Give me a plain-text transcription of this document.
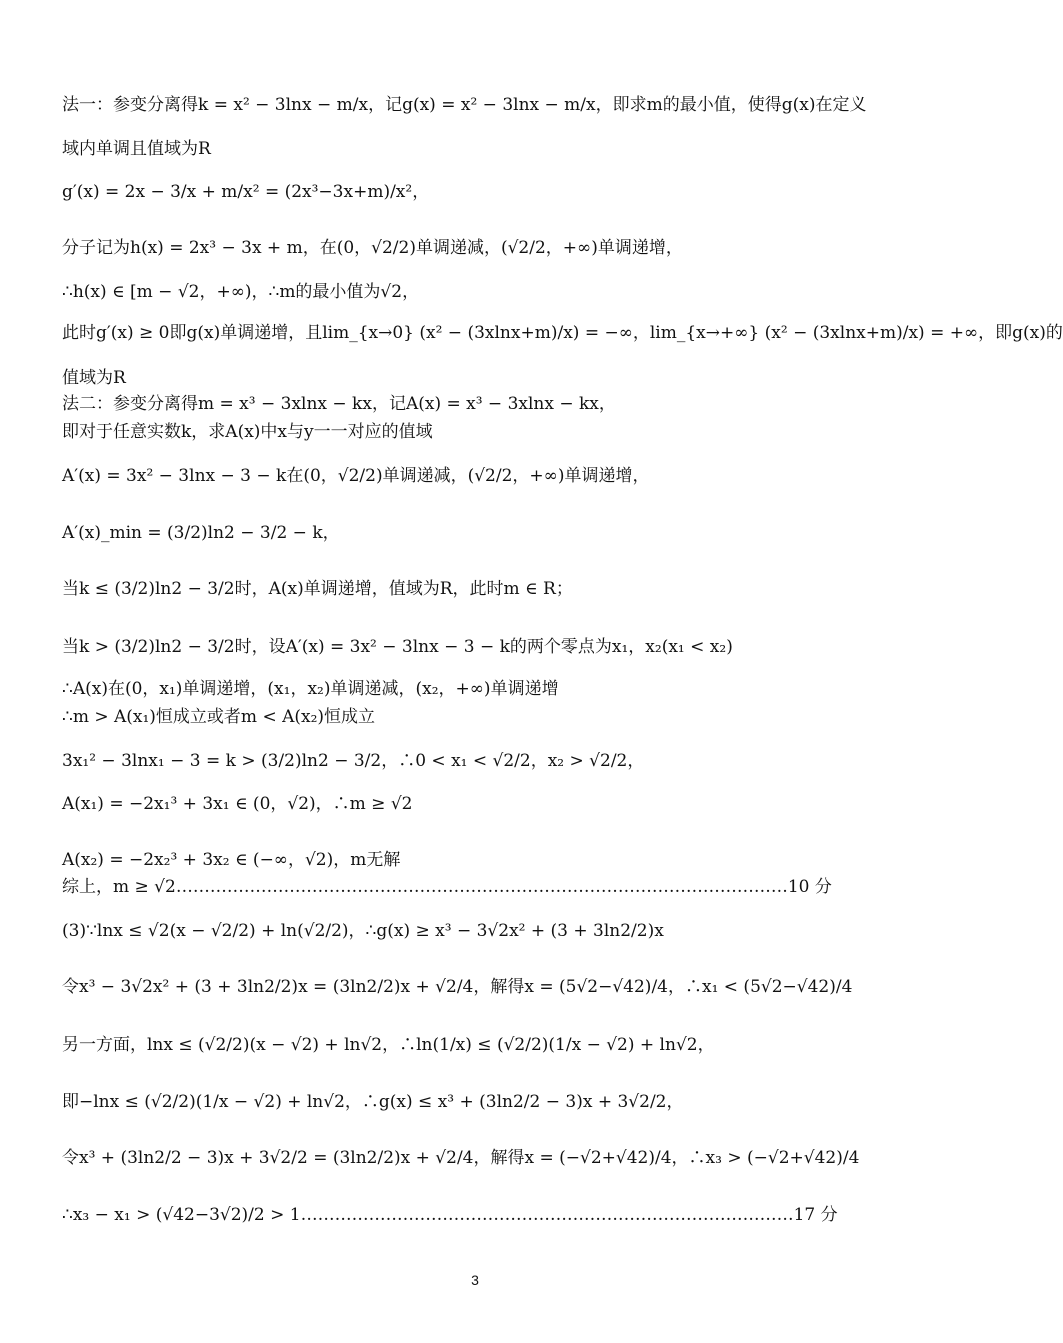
法一：参变分离得k = x² − 3lnx − m/x，记g(x) = x² − 3lnx − m/x，即求m的最小值，使得g(x)在定义
域内单调且值域为R
g′(x) = 2x − 3/x + m/x² = (2x³−3x+m)/x²，
分子记为h(x) = 2x³ − 3x + m，在(0，√2/2)单调递减，(√2/2，+∞)单调递增，
∴h(x) ∈ [m − √2，+∞)，∴m的最小值为√2，
此时g′(x) ≥ 0即g(x)单调递增，且lim_{x→0} (x² − (3xlnx+m)/x) = −∞，lim_{x→+∞} (x² − (3xlnx+m)/x) = +∞，即g(x)的
值域为R
法二：参变分离得m = x³ − 3xlnx − kx，记A(x) = x³ − 3xlnx − kx，
即对于任意实数k，求A(x)中x与y一一对应的值域
A′(x) = 3x² − 3lnx − 3 − k在(0，√2/2)单调递减，(√2/2，+∞)单调递增，
A′(x)_min = (3/2)ln2 − 3/2 − k，
当k ≤ (3/2)ln2 − 3/2时，A(x)单调递增，值域为R，此时m ∈ R；
当k > (3/2)ln2 − 3/2时，设A′(x) = 3x² − 3lnx − 3 − k的两个零点为x₁，x₂(x₁ < x₂)
∴A(x)在(0，x₁)单调递增，(x₁，x₂)单调递减，(x₂，+∞)单调递增
∴m > A(x₁)恒成立或者m < A(x₂)恒成立
3x₁² − 3lnx₁ − 3 = k > (3/2)ln2 − 3/2，∴0 < x₁ < √2/2，x₂ > √2/2，
A(x₁) = −2x₁³ + 3x₁ ∈ (0，√2)，∴m ≥ √2
A(x₂) = −2x₂³ + 3x₂ ∈ (−∞，√2)，m无解
综上，m ≥ √2………………………………………………………………………………………………10 分
(3)∵lnx ≤ √2(x − √2/2) + ln(√2/2)，∴g(x) ≥ x³ − 3√2x² + (3 + 3ln2/2)x
令x³ − 3√2x² + (3 + 3ln2/2)x = (3ln2/2)x + √2/4，解得x = (5√2−√42)/4，∴x₁ < (5√2−√42)/4
另一方面，lnx ≤ (√2/2)(x − √2) + ln√2，∴ln(1/x) ≤ (√2/2)(1/x − √2) + ln√2，
即−lnx ≤ (√2/2)(1/x − √2) + ln√2，∴g(x) ≤ x³ + (3ln2/2 − 3)x + 3√2/2，
令x³ + (3ln2/2 − 3)x + 3√2/2 = (3ln2/2)x + √2/4，解得x = (−√2+√42)/4，∴x₃ > (−√2+√42)/4
∴x₃ − x₁ > (√42−3√2)/2 > 1……………………………………………………………………………17 分
3
